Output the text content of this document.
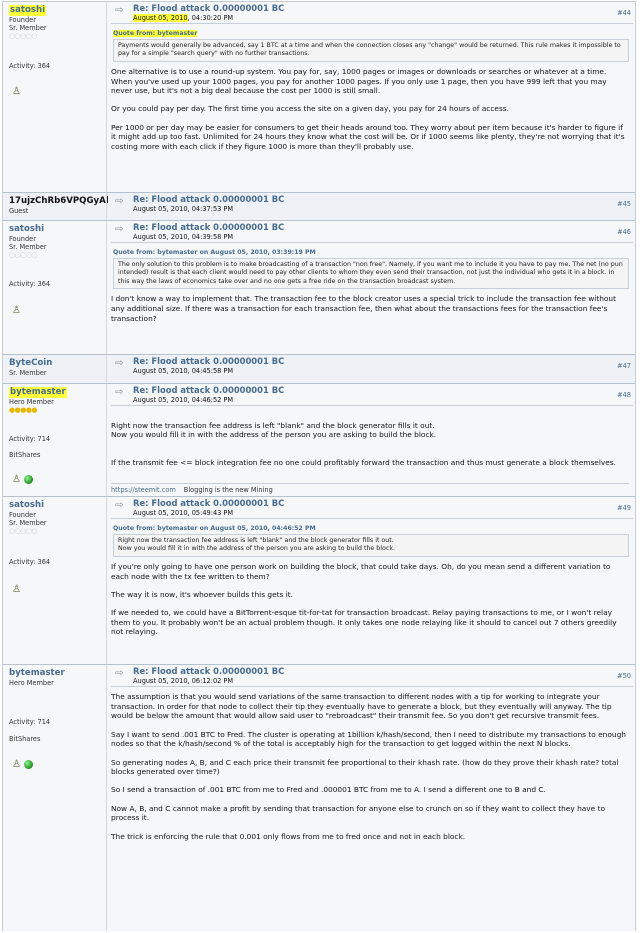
satoshi
Founder
Sr. Member
○○○○○
Activity: 364
♙
⇨	Re: Flood attack 0.00000001 BC
August 05, 2010, 04:30:20 PM
#44
Quote from: bytemaster
Payments would generally be advanced, say 1 BTC at a time and when the connection closes any "change" would be returned. This rule makes it impossible to pay for a simple "search query" with no further transactions.

One alternative is to use a round-up system. You pay for, say, 1000 pages or images or downloads or searches or whatever at a time. When you've used up your 1000 pages, you pay for another 1000 pages. If you only use 1 page, then you have 999 left that you may never use, but it's not a big deal because the cost per 1000 is still small.

Or you could pay per day. The first time you access the site on a given day, you pay for 24 hours of access.

Per 1000 or per day may be easier for consumers to get their heads around too. They worry about per item because it's harder to figure if it might add up too fast. Unlimited for 24 hours they know what the cost will be. Or if 1000 seems like plenty, they're not worrying that it's costing more with each click if they figure 1000 is more than they'll probably use.

17ujzChRb6VPQGyAl
Guest
⇨	Re: Flood attack 0.00000001 BC
August 05, 2010, 04:37:53 PM
#45
satoshi
Founder
Sr. Member
○○○○○
Activity: 364
♙
⇨	Re: Flood attack 0.00000001 BC
August 05, 2010, 04:39:58 PM
#46
Quote from: bytemaster on August 05, 2010, 03:39:19 PM
The only solution to this problem is to make broadcasting of a transaction "non free". Namely, if you want me to include it you have to pay me. The net (no pun intended) result is that each client would need to pay other clients to whom they even send their transaction, not just the individual who gets it in a block. In this way the laws of economics take over and no one gets a free ride on the transaction broadcast system.

I don't know a way to implement that. The transaction fee to the block creator uses a special trick to include the transaction fee without any additional size. If there was a transaction for each transaction fee, then what about the transactions fees for the transaction fee's transaction?

ByteCoin
Sr. Member
⇨	Re: Flood attack 0.00000001 BC
August 05, 2010, 04:45:58 PM
#47
bytemaster
Hero Member
●●●●●
Activity: 714
BitShares
♙
⇨	Re: Flood attack 0.00000001 BC
August 05, 2010, 04:46:52 PM
#48

Right now the transaction fee address is left "blank" and the block generator fills it out.
Now you would fill it in with the address of the person you are asking to build the block.

If the transmit fee <= block integration fee no one could profitably forward the transaction and thus must generate a block themselves.

https://steemit.com Blogging is the new Mining
satoshi
Founder
Sr. Member
○○○○○
Activity: 364
♙
⇨	Re: Flood attack 0.00000001 BC
August 05, 2010, 05:49:43 PM
#49
Quote from: bytemaster on August 05, 2010, 04:46:52 PM
Right now the transaction fee address is left "blank" and the block generator fills it out.
Now you would fill it in with the address of the person you are asking to build the block.

If you're only going to have one person work on building the block, that could take days. Oh, do you mean send a different variation to each node with the tx fee written to them?

The way it is now, it's whoever builds this gets it.

If we needed to, we could have a BitTorrent-esque tit-for-tat for transaction broadcast. Relay paying transactions to me, or I won't relay them to you. It probably won't be an actual problem though. It only takes one node relaying like it should to cancel out 7 others greedily not relaying.

bytemaster
Hero Member
Activity: 714
BitShares
♙
⇨	Re: Flood attack 0.00000001 BC
August 05, 2010, 06:12:02 PM
#50

The assumption is that you would send variations of the same transaction to different nodes with a tip for working to integrate your transaction. In order for that node to collect their tip they eventually have to generate a block, but they eventually will anyway. The tip would be below the amount that would allow said user to "rebroadcast" their transmit fee. So you don't get recursive transmit fees.

Say I want to send .001 BTC to Fred. The cluster is operating at 1billion k/hash/second, then I need to distribute my transactions to enough nodes so that the k/hash/second % of the total is acceptably high for the transaction to get logged within the next N blocks.

So generating nodes A, B, and C each price their transmit fee proportional to their khash rate. (how do they prove their khash rate? total blocks generated over time?)

So I send a transaction of .001 BTC from me to Fred and .000001 BTC from me to A. I send a different one to B and C.

Now A, B, and C cannot make a profit by sending that transaction for anyone else to crunch on so if they want to collect they have to process it.

The trick is enforcing the rule that 0.001 only flows from me to fred once and not in each block.
